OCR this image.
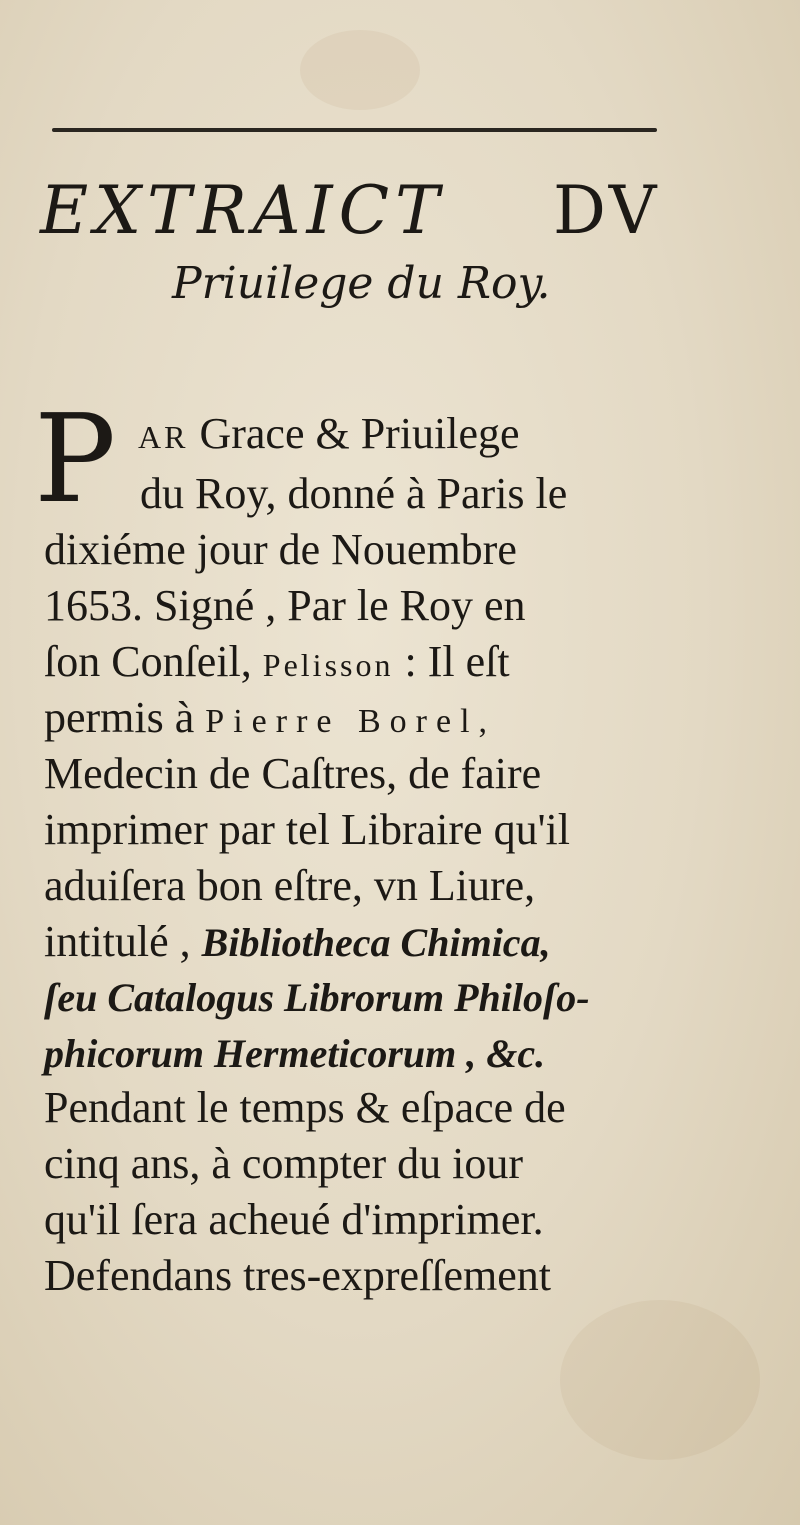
EXTRAICT DV
Priuilege du Roy.
P AR Grace & Priuilege
du Roy, donné à Paris le
dixiéme jour de Nouembre
1653. Signé , Par le Roy en
ſon Conſeil, Pelisson : Il eſt
permis à Pierre Borel,
Medecin de Caſtres, de faire
imprimer par tel Libraire qu'il
aduiſera bon eſtre, vn Liure,
intitulé , Bibliotheca Chimica,
ſeu Catalogus Librorum Philoſo-
phicorum Hermeticorum , &c.
Pendant le temps & eſpace de
cinq ans, à compter du iour
qu'il ſera acheué d'imprimer.
Defendans tres-expreſſement
